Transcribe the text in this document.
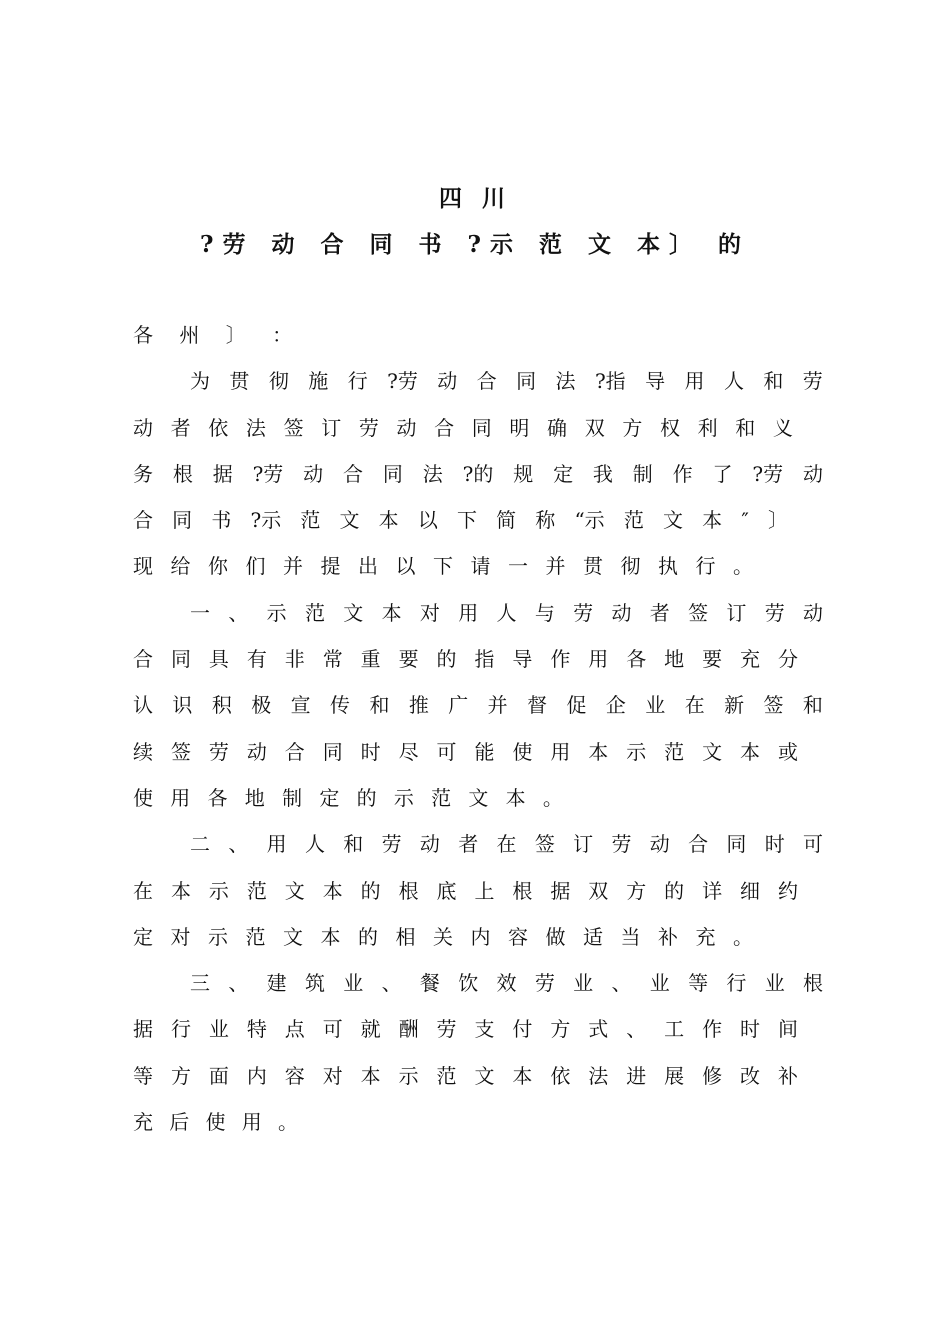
四 川
?劳 动 合 同 书 ?示 范 文 本〕 的
各 州 〕 ：
为 贯 彻 施 行 ?劳 动 合 同 法 ?指 导 用 人 和 劳
动 者 依 法 签 订 劳 动 合 同 明 确 双 方 权 利 和 义
务 根 据 ?劳 动 合 同 法 ?的 规 定 我 制 作 了 ?劳 动
合 同 书 ?示 范 文 本 以 下 简 称 “示 范 文 本 ″ 〕
现 给 你 们 并 提 出 以 下 请 一 并 贯 彻 执 行 。
一 、 示 范 文 本 对 用 人 与 劳 动 者 签 订 劳 动
合 同 具 有 非 常 重 要 的 指 导 作 用 各 地 要 充 分
认 识 积 极 宣 传 和 推 广 并 督 促 企 业 在 新 签 和
续 签 劳 动 合 同 时 尽 可 能 使 用 本 示 范 文 本 或
使 用 各 地 制 定 的 示 范 文 本 。
二 、 用 人 和 劳 动 者 在 签 订 劳 动 合 同 时 可
在 本 示 范 文 本 的 根 底 上 根 据 双 方 的 详 细 约
定 对 示 范 文 本 的 相 关 内 容 做 适 当 补 充 。
三 、 建 筑 业 、 餐 饮 效 劳 业 、 业 等 行 业 根
据 行 业 特 点 可 就 酬 劳 支 付 方 式 、 工 作 时 间
等 方 面 内 容 对 本 示 范 文 本 依 法 进 展 修 改 补
充 后 使 用 。
